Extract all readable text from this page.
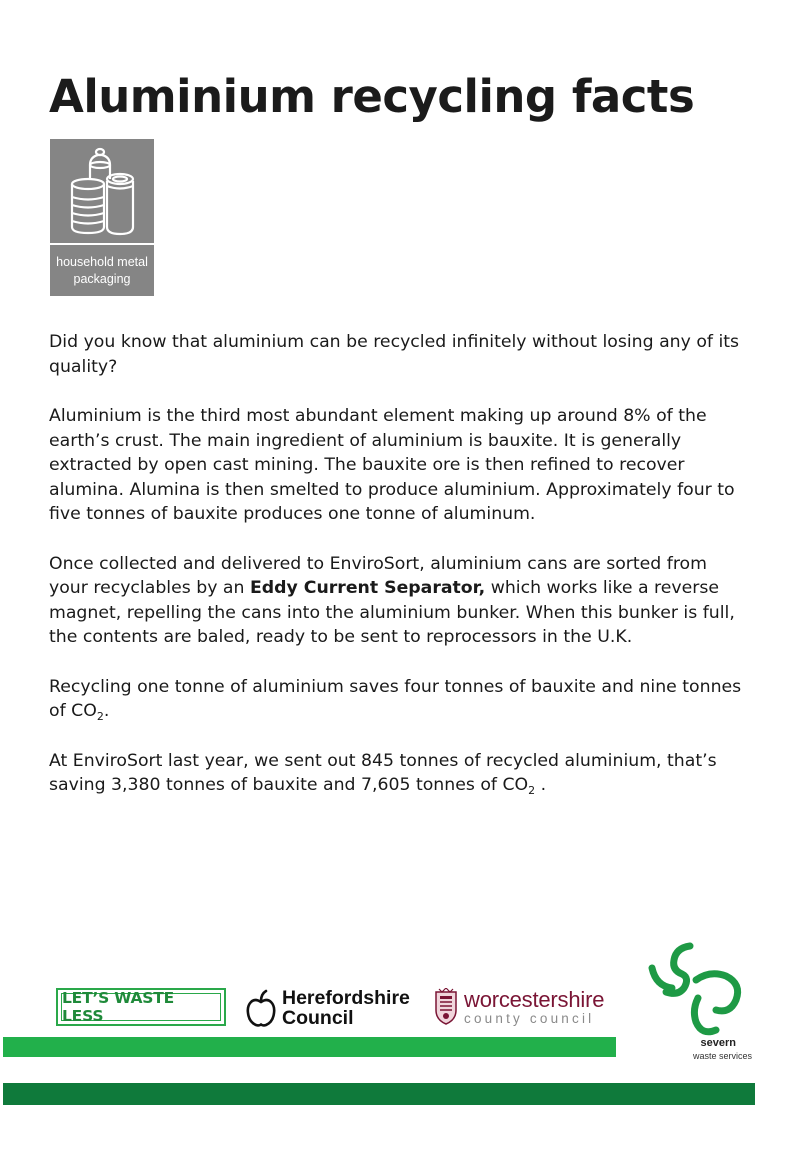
Aluminium recycling facts
household metal
packaging

Did you know that aluminium can be recycled infinitely without losing any of its quality?

Aluminium is the third most abundant element making up around 8% of the earth’s crust. The main ingredient of aluminium is bauxite. It is generally extracted by open cast mining. The bauxite ore is then refined to recover alumina. Alumina is then smelted to produce aluminium. Approximately four to five tonnes of bauxite produces one tonne of aluminum.

Once collected and delivered to EnviroSort, aluminium cans are sorted from your recyclables by an Eddy Current Separator, which works like a reverse magnet, repelling the cans into the aluminium bunker. When this bunker is full, the contents are baled, ready to be sent to reprocessors in the U.K.

Recycling one tonne of aluminium saves four tonnes of bauxite and nine tonnes of $CO_2$.

At EnviroSort last year, we sent out 845 tonnes of recycled aluminium, that’s saving 3,380 tonnes of bauxite and 7,605 tonnes of $CO_2$ .

LET’S WASTE LESS
Herefordshire
Council
worcestershire
county council
severn
waste services
